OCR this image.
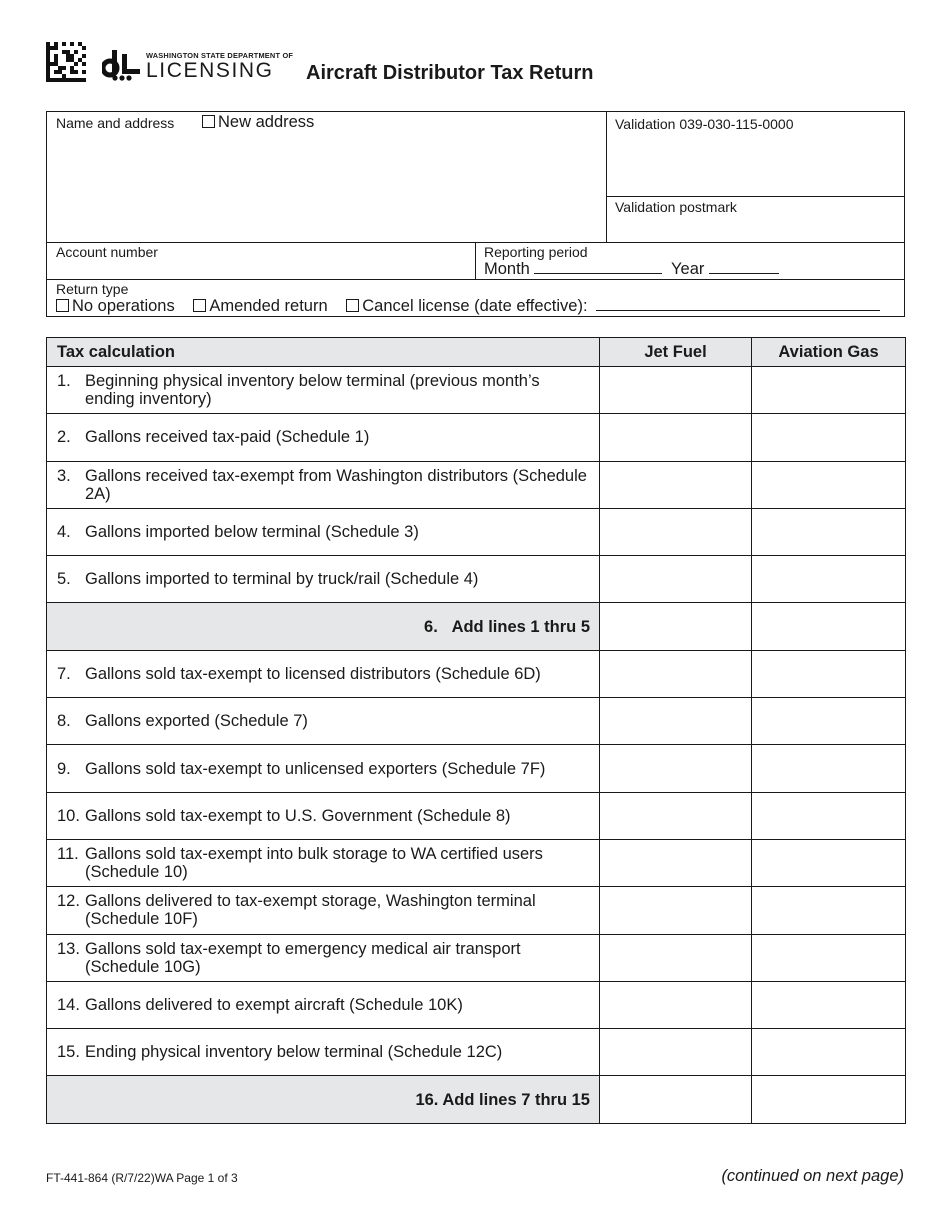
WASHINGTON STATE DEPARTMENT OF
LICENSING	Aircraft Distributor Tax Return
Name and address	New address	Validation 039-030-115-0000
Validation postmark
Account number	Reporting period
Month	Year
Return type
No operations Amended return Cancel license (date effective):
Tax calculation	Jet Fuel	Aviation Gas

1. Beginning physical inventory below terminal (previous month’s ending inventory)		

2. Gallons received tax-paid (Schedule 1)		

3. Gallons received tax-exempt from Washington distributors (Schedule 2A)		

4. Gallons imported below terminal (Schedule 3)		

5. Gallons imported to terminal by truck/rail (Schedule 4)		

6. Add lines 1 thru 5		

7. Gallons sold tax-exempt to licensed distributors (Schedule 6D)		

8. Gallons exported (Schedule 7)		

9. Gallons sold tax-exempt to unlicensed exporters (Schedule 7F)		

10. Gallons sold tax-exempt to U.S. Government (Schedule 8)		

11. Gallons sold tax-exempt into bulk storage to WA certified users (Schedule 10)		

12. Gallons delivered to tax-exempt storage, Washington terminal (Schedule 10F)		

13. Gallons sold tax-exempt to emergency medical air transport (Schedule 10G)		

14. Gallons delivered to exempt aircraft (Schedule 10K)		

15. Ending physical inventory below terminal (Schedule 12C)		

16. Add lines 7 thru 15		
FT-441-864 (R/7/22)WA Page 1 of 3	(continued on next page)
